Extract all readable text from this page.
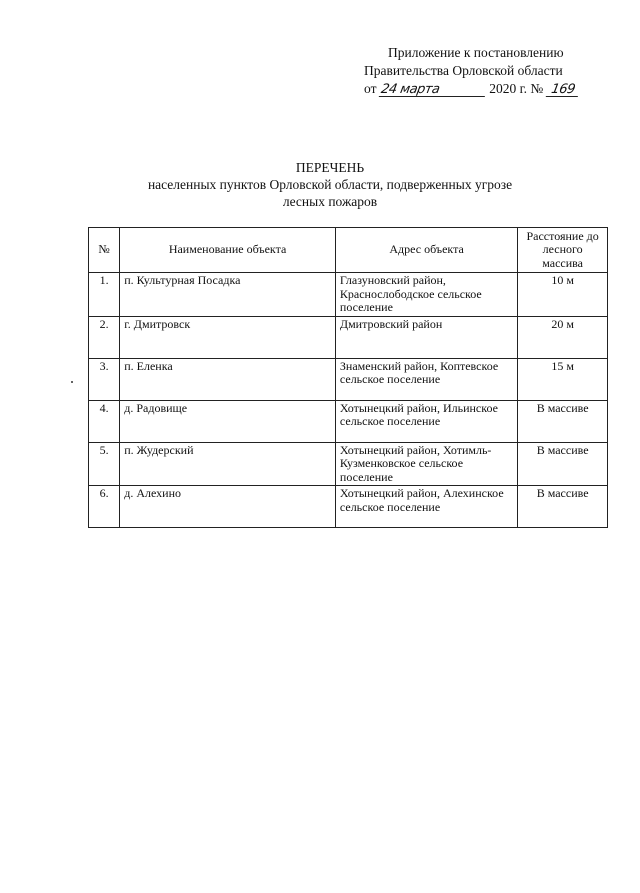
Приложение к постановлению
Правительства Орловской области
от 24 марта	2020 г. № 169
ПЕРЕЧЕНЬ
населенных пунктов Орловской области, подверженных угрозе
лесных пожаров
№	Наименование объекта	Адрес объекта	Расстояние до лесного массива
1.	п. Культурная Посадка	Глазуновский район, Краснослободское сельское поселение	10 м
2.	г. Дмитровск	Дмитровский район	20 м
3.	п. Еленка	Знаменский район, Коптевское сельское поселение	15 м
4.	д. Радовище	Хотынецкий район, Ильинское сельское поселение	В массиве
5.	п. Жудерский	Хотынецкий район, Хотимль-Кузменковское сельское поселение	В массиве
6.	д. Алехино	Хотынецкий район, Алехинское сельское поселение	В массиве
